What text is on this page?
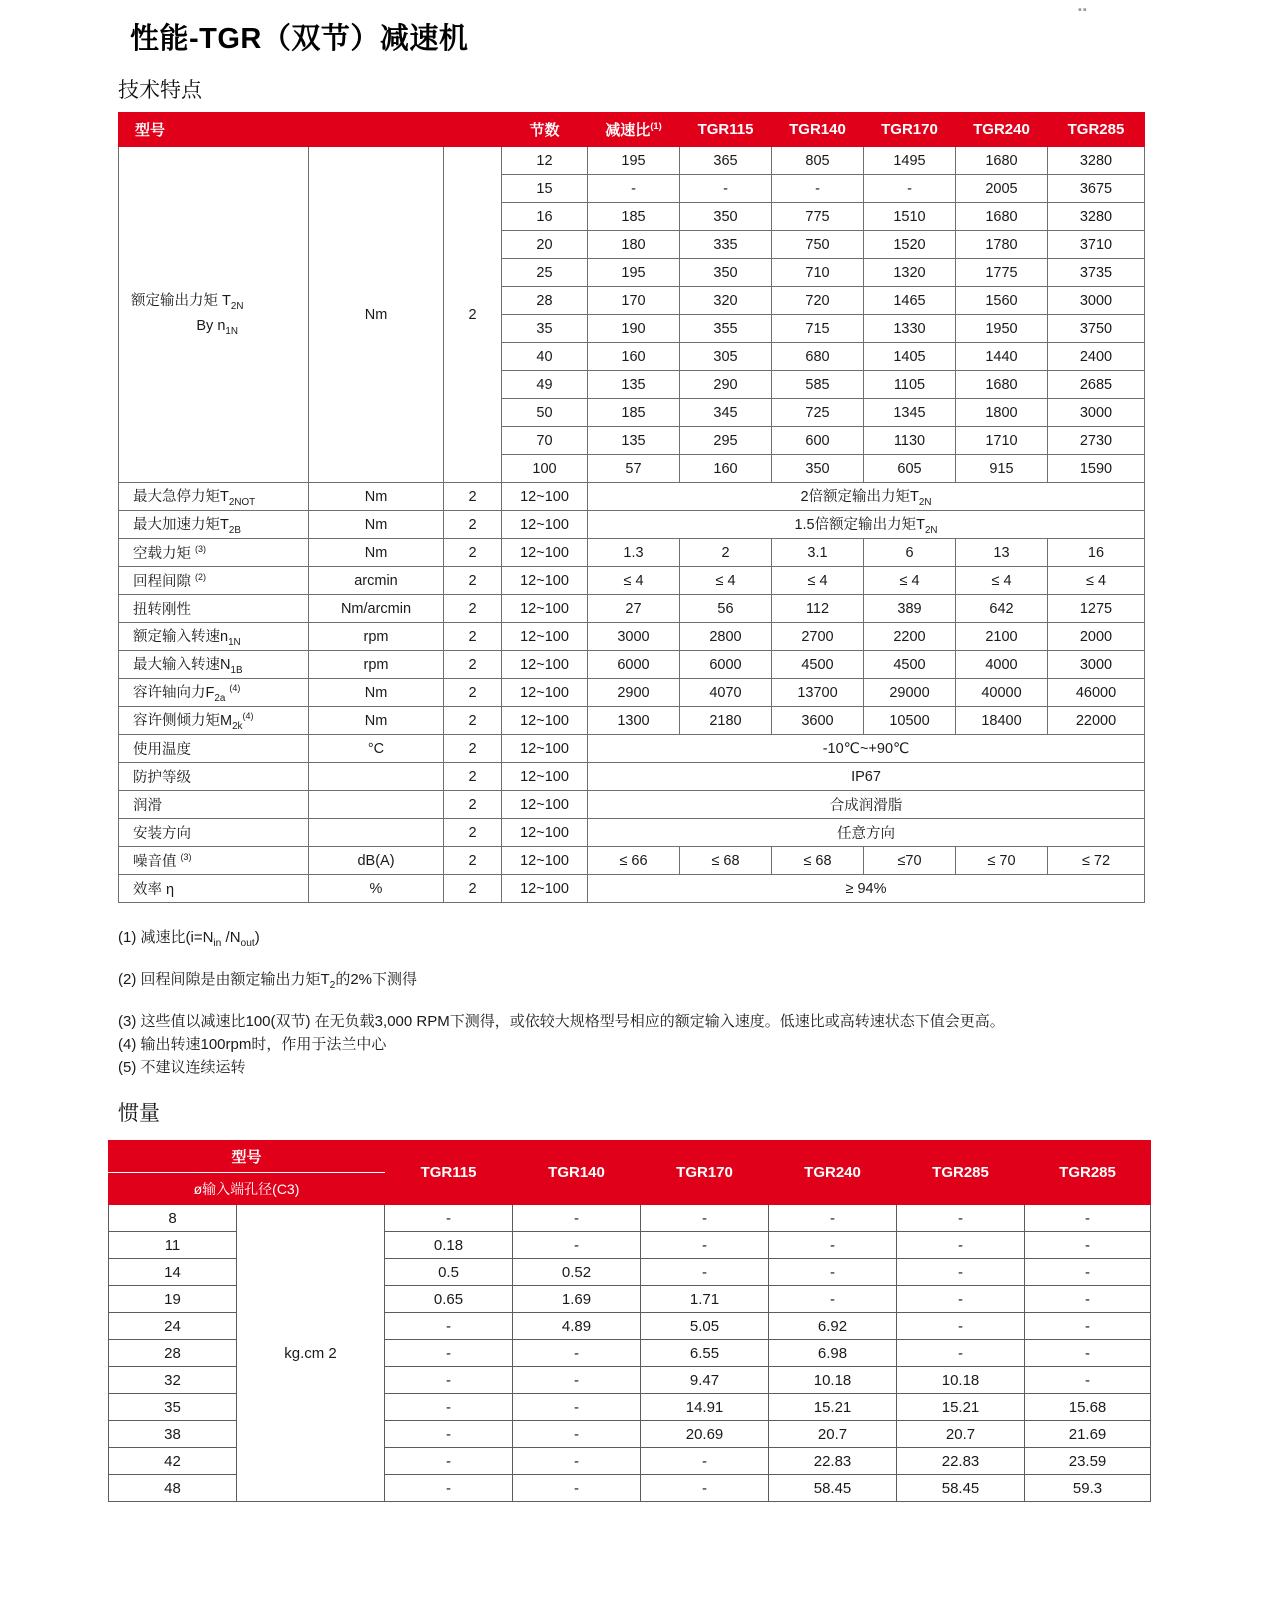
▪▪
性能-TGR（双节）减速机
技术特点
型号			节数	减速比$^{(1)}$	TGR115	TGR140	TGR170	TGR240	TGR285	TGR320
额定输出力矩 $T_{2N}$
By $n_{1N}$	Nm	2	12	195	365	805	1495	1680	3280	
			15	-	-	-	-	2005	3675	
			16	185	350	775	1510	1680	3280	
			20	180	335	750	1520	1780	3710	
			25	195	350	710	1320	1775	3735	
			28	170	320	720	1465	1560	3000	
			35	190	355	715	1330	1950	3750	
			40	160	305	680	1405	1440	2400	
			49	135	290	585	1105	1680	2685	
			50	185	345	725	1345	1800	3000	
			70	135	295	600	1130	1710	2730	
			100	57	160	350	605	915	1590	
最大急停力矩$T_{2NOT}$	Nm	2	12~100	2倍额定输出力矩$T_{2N}$
最大加速力矩$T_{2B}$	Nm	2	12~100	1.5倍额定输出力矩$T_{2N}$
空载力矩 $^{(3)}$	Nm	2	12~100	1.3	2	3.1	6	13	16	
回程间隙 $^{(2)}$	arcmin	2	12~100	≤ 4	≤ 4	≤ 4	≤ 4	≤ 4	≤ 4	
扭转刚性	Nm/arcmin	2	12~100	27	56	112	389	642	1275	
额定输入转速$n_{1N}$	rpm	2	12~100	3000	2800	2700	2200	2100	2000	
最大输入转速$N_{1B}$	rpm	2	12~100	6000	6000	4500	4500	4000	3000	
容许轴向力$F_{2a}$ $^{(4)}$	Nm	2	12~100	2900	4070	13700	29000	40000	46000	
容许侧倾力矩$M_{2k}^{(4)}$	Nm	2	12~100	1300	2180	3600	10500	18400	22000	
使用温度	°C	2	12~100	-10℃~+90℃						
防护等级		2	12~100	IP67						
润滑		2	12~100	合成润滑脂						
安装方向		2	12~100	任意方向						
噪音值 $^{(3)}$	dB(A)	2	12~100	≤ 66	≤ 68	≤ 68	≤70	≤ 70	≤ 72	
效率 η	%	2	12~100	≥ 94%						
(1) 减速比($i=N_{in}$ $/N_{out}$)
(2) 回程间隙是由额定输出力矩$T_2$的2%下测得
(3) 这些值以减速比100(双节) 在无负载3,000 RPM下测得，或依较大规格型号相应的额定输入速度。低速比或高转速状态下值会更高。
(4) 输出转速100rpm时，作用于法兰中心
(5) 不建议连续运转
惯量
型号		TGR115	TGR140	TGR170	TGR240	TGR285	TGR285
ø输入端孔径(C3)							
8	kg.cm 2	-	-	-	-	-	-
11		0.18	-	-	-	-	-
14		0.5	0.52	-	-	-	-
19		0.65	1.69	1.71	-	-	-
24		-	4.89	5.05	6.92	-	-
28		-	-	6.55	6.98	-	-
32		-	-	9.47	10.18	10.18	-
35		-	-	14.91	15.21	15.21	15.68
38		-	-	20.69	20.7	20.7	21.69
42		-	-	-	22.83	22.83	23.59
48		-	-	-	58.45	58.45	59.3
